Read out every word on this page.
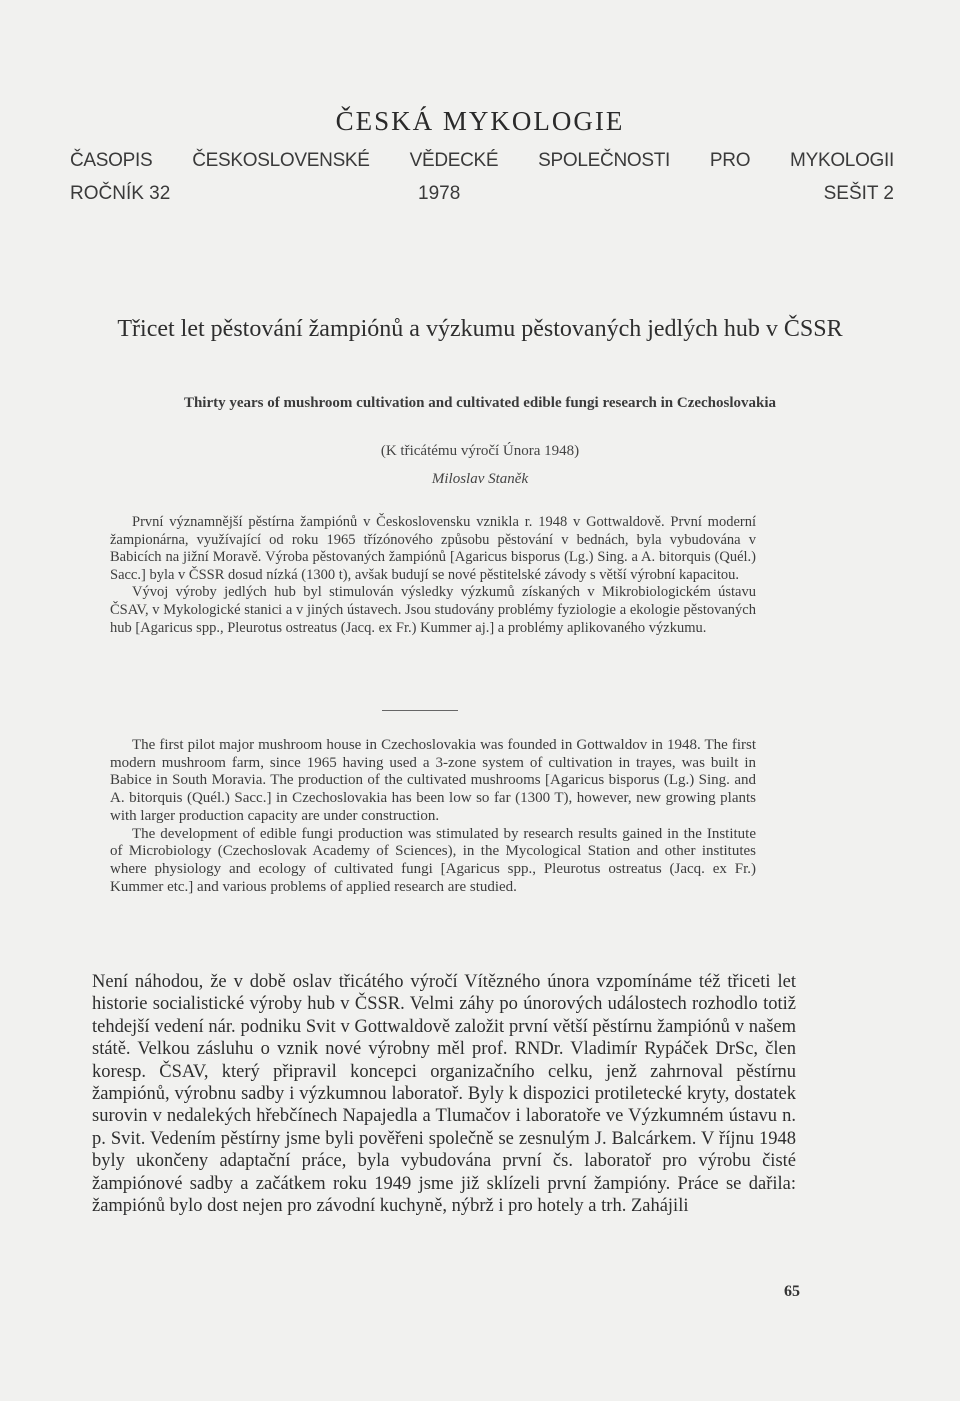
ČESKÁ MYKOLOGIE
ČASOPIS ČESKOSLOVENSKÉ VĚDECKÉ SPOLEČNOSTI PRO MYKOLOGII
ROČNÍK 32	1978	SEŠIT 2
Třicet let pěstování žampiónů a výzkumu pěstovaných jedlých hub v ČSSR
Thirty years of mushroom cultivation and cultivated edible fungi research in Czechoslovakia
(K třicátému výročí Února 1948)
Miloslav Staněk

První významnější pěstírna žampiónů v Československu vznikla r. 1948 v Gottwaldově. První moderní žampionárna, využívající od roku 1965 třízónového způsobu pěstování v bednách, byla vybudována v Babicích na jižní Moravě. Výroba pěstovaných žampiónů [Agaricus bisporus (Lg.) Sing. a A. bitorquis (Quél.) Sacc.] byla v ČSSR dosud nízká (1300 t), avšak budují se nové pěstitelské závody s větší výrobní kapacitou.

Vývoj výroby jedlých hub byl stimulován výsledky výzkumů získaných v Mikrobiologickém ústavu ČSAV, v Mykologické stanici a v jiných ústavech. Jsou studovány problémy fyziologie a ekologie pěstovaných hub [Agaricus spp., Pleurotus ostreatus (Jacq. ex Fr.) Kummer aj.] a problémy aplikovaného výzkumu.

The first pilot major mushroom house in Czechoslovakia was founded in Gottwaldov in 1948. The first modern mushroom farm, since 1965 having used a 3-zone system of cultivation in trayes, was built in Babice in South Moravia. The production of the cultivated mushrooms [Agaricus bisporus (Lg.) Sing. and A. bitorquis (Quél.) Sacc.] in Czechoslovakia has been low so far (1300 T), however, new growing plants with larger production capacity are under construction.

The development of edible fungi production was stimulated by research results gained in the Institute of Microbiology (Czechoslovak Academy of Sciences), in the Mycological Station and other institutes where physiology and ecology of cultivated fungi [Agaricus spp., Pleurotus ostreatus (Jacq. ex Fr.) Kummer etc.] and various problems of applied research are studied.

Není náhodou, že v době oslav třicátého výročí Vítězného února vzpomínáme též třiceti let historie socialistické výroby hub v ČSSR. Velmi záhy po únorových událostech rozhodlo totiž tehdejší vedení nár. podniku Svit v Gottwaldově založit první větší pěstírnu žampiónů v našem státě. Velkou zásluhu o vznik nové výrobny měl prof. RNDr. Vladimír Rypáček DrSc, člen koresp. ČSAV, který připravil koncepci organizačního celku, jenž zahrnoval pěstírnu žampiónů, výrobnu sadby i výzkumnou laboratoř. Byly k dispozici protiletecké kryty, dostatek surovin v nedalekých hřebčínech Napajedla a Tlumačov i laboratoře ve Výzkumném ústavu n. p. Svit. Vedením pěstírny jsme byli pověřeni společně se zesnulým J. Balcárkem. V říjnu 1948 byly ukončeny adaptační práce, byla vybudována první čs. laboratoř pro výrobu čisté žampiónové sadby a začátkem roku 1949 jsme již sklízeli první žampióny. Práce se dařila: žampiónů bylo dost nejen pro závodní kuchyně, nýbrž i pro hotely a trh. Zahájili

65
